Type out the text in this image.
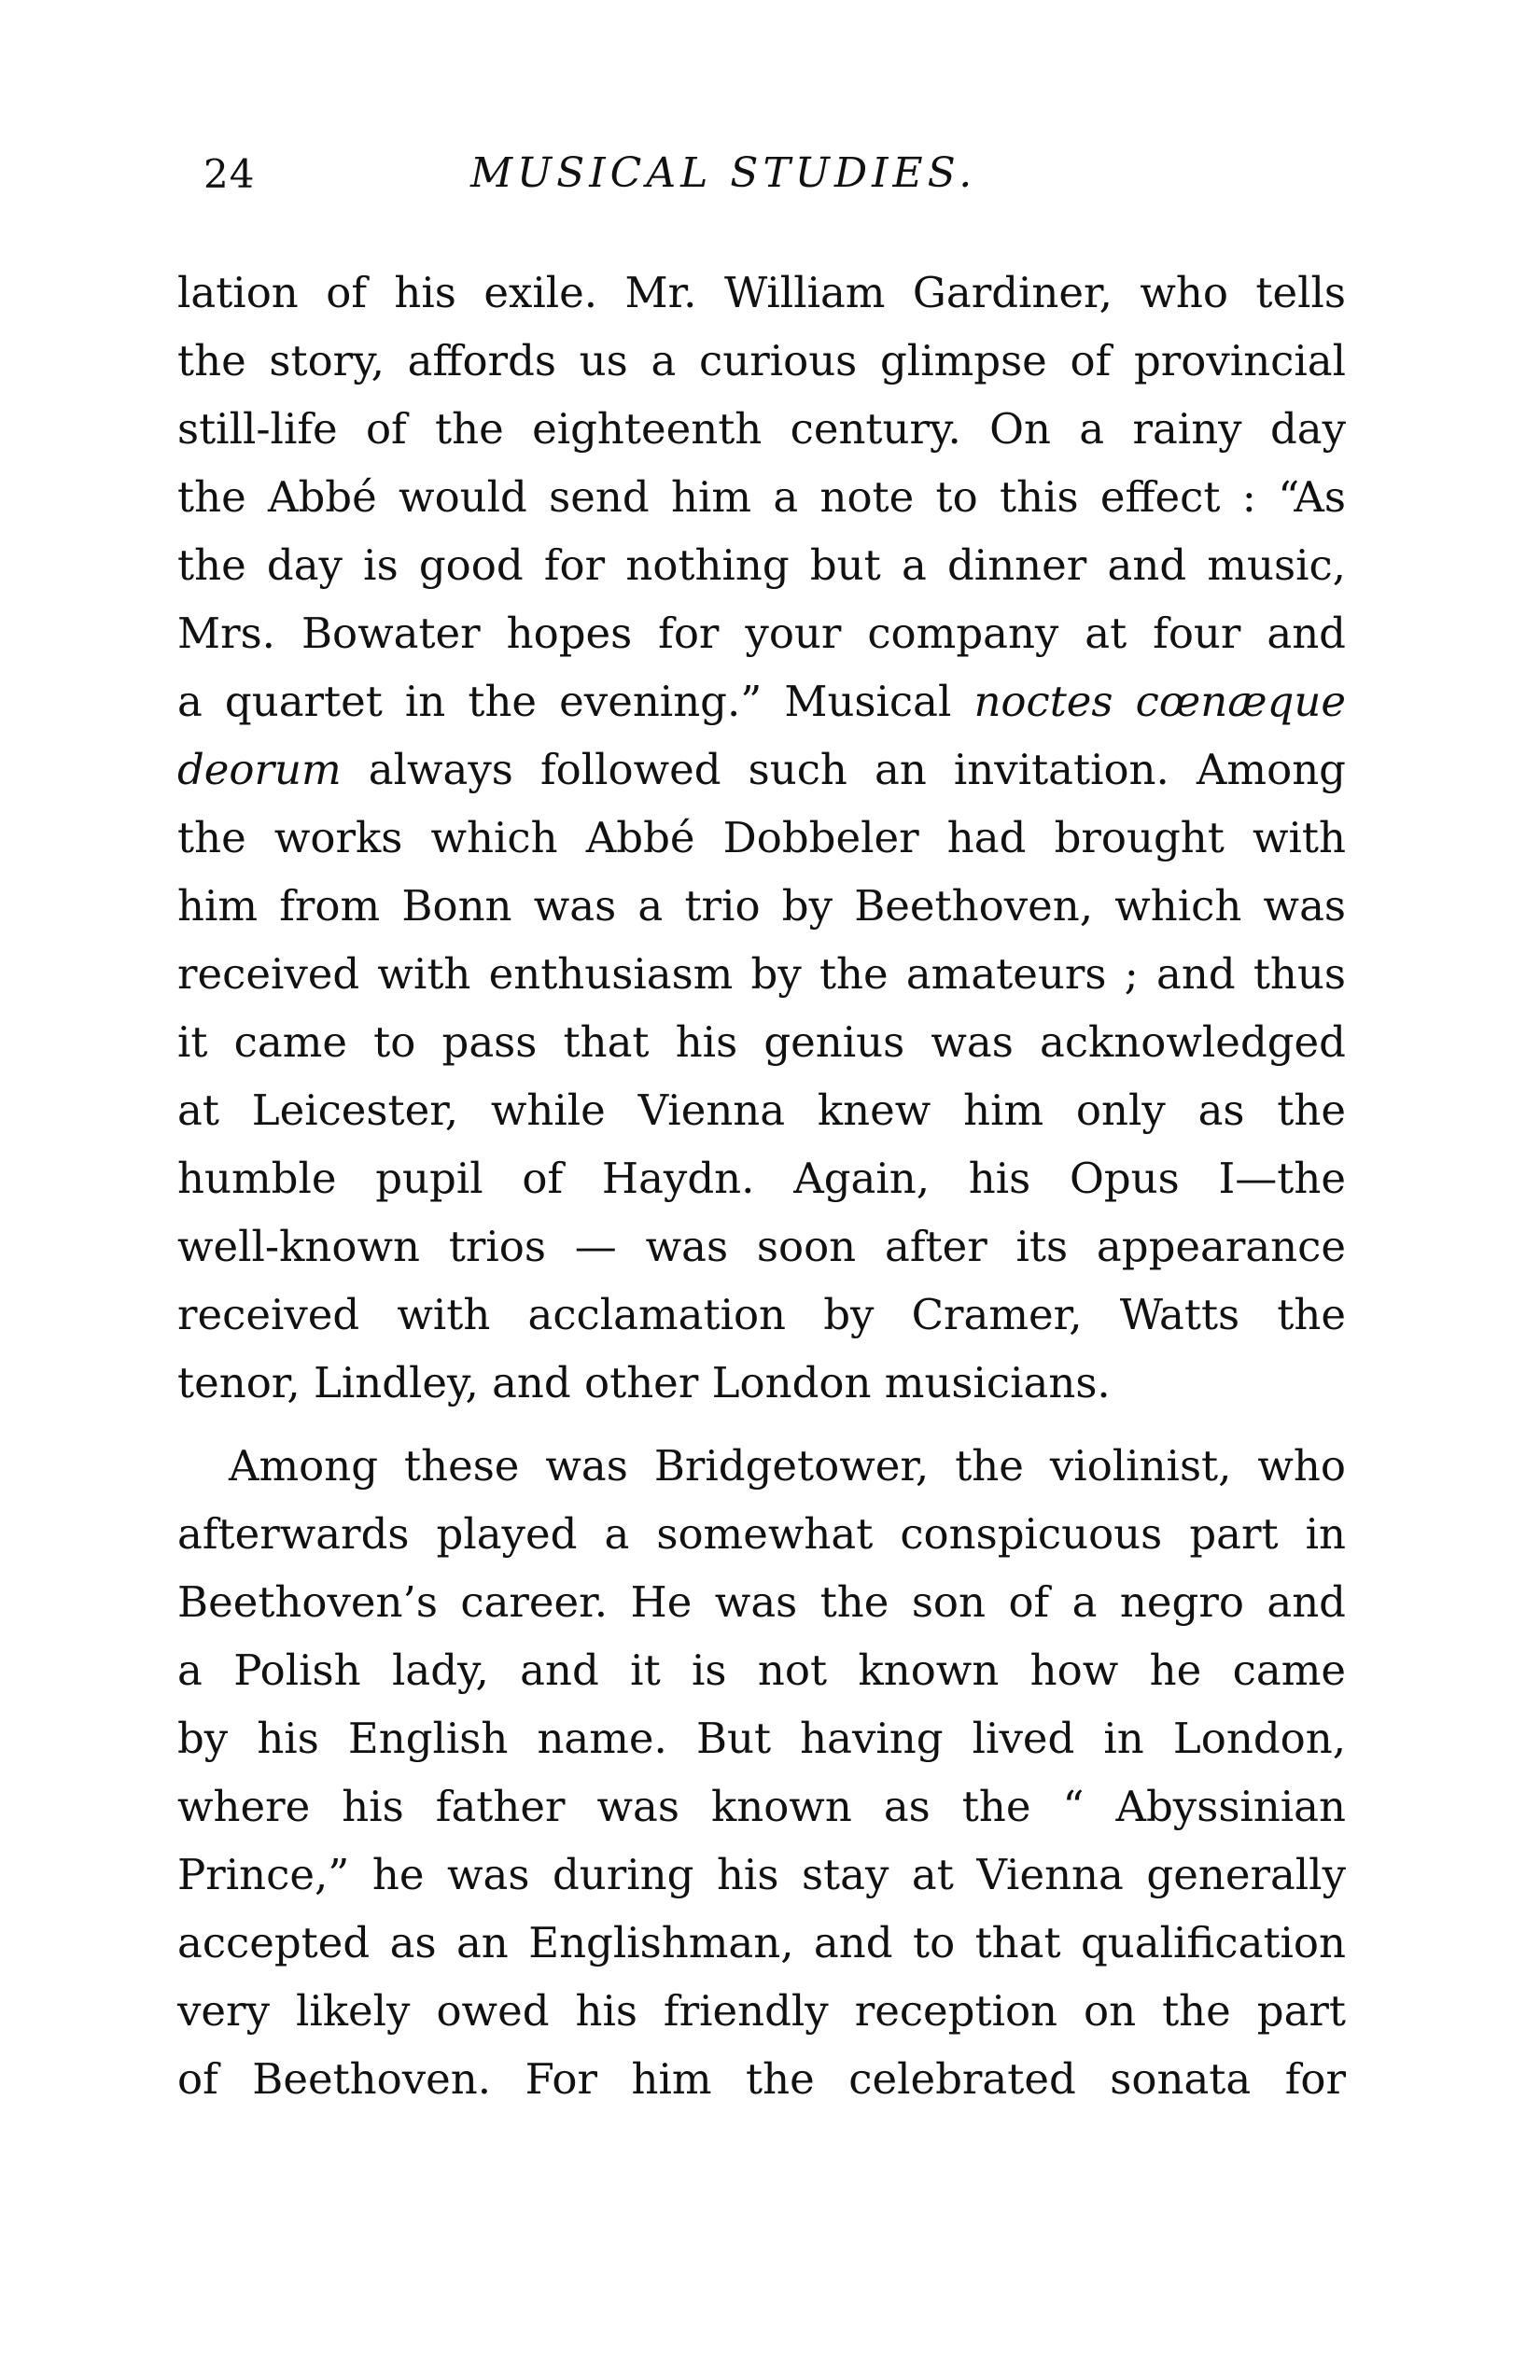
24	MUSICAL STUDIES.
lation of his exile. Mr. William Gardiner, who tells
the story, affords us a curious glimpse of provincial
still-life of the eighteenth century. On a rainy day
the Abbé would send him a note to this effect : “As
the day is good for nothing but a dinner and music,
Mrs. Bowater hopes for your company at four and
a quartet in the evening.” Musical noctes cœnæque
deorum always followed such an invitation. Among
the works which Abbé Dobbeler had brought with
him from Bonn was a trio by Beethoven, which was
received with enthusiasm by the amateurs ; and thus
it came to pass that his genius was acknowledged
at Leicester, while Vienna knew him only as the
humble pupil of Haydn. Again, his Opus I—the
well-known trios — was soon after its appearance
received with acclamation by Cramer, Watts the
tenor, Lindley, and other London musicians.
Among these was Bridgetower, the violinist, who
afterwards played a somewhat conspicuous part in
Beethoven’s career. He was the son of a negro and
a Polish lady, and it is not known how he came
by his English name. But having lived in London,
where his father was known as the “ Abyssinian
Prince,” he was during his stay at Vienna generally
accepted as an Englishman, and to that qualification
very likely owed his friendly reception on the part
of Beethoven. For him the celebrated sonata for
